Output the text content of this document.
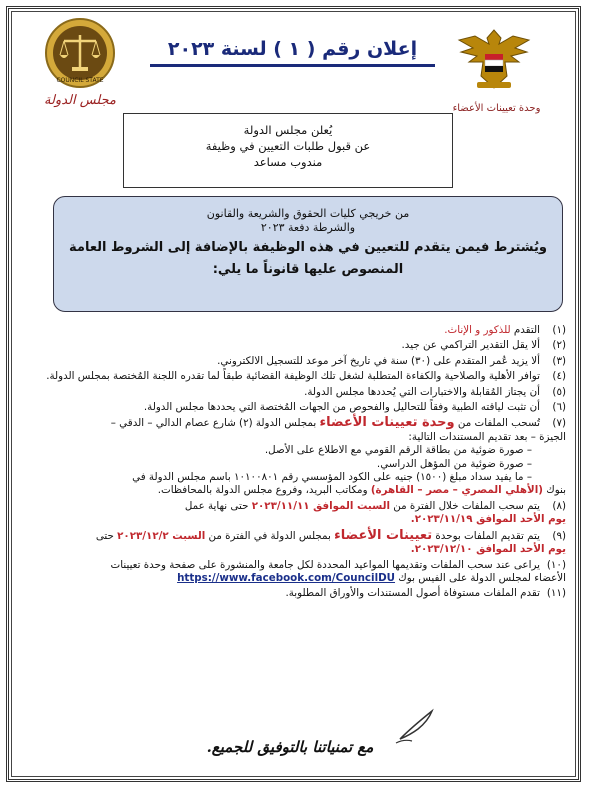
COUNCIL STATE
مجلس الدولة
وحدة تعيينات الأعضاء
إعلان رقم ( ١ ) لسنة ٢٠٢٣
يُعلن مجلس الدولة
عن قبول طلبات التعيين في وظيفة
مندوب مساعد
من خريجي كليات الحقوق والشريعة والقانون
والشرطة دفعة ٢٠٢٣
ويُشترط فيمن يتقدم للتعيين في هذه الوظيفة بالإضافة إلى الشروط العامة
المنصوص عليها قانوناً ما يلي:
(١)التقدم للذكور و الإناث.
(٢)ألا يقل التقدير التراكمي عن جيد.
(٣)ألا يزيد عُمر المتقدم على (٣٠) سنة في تاريخ آخر موعد للتسجيل الالكتروني.
(٤)توافر الأهلية والصلاحية والكفاءة المتطلبة لشغل تلك الوظيفة القضائية طبقاً لما تقدره اللجنة المُختصة بمجلس الدولة.
(٥)أن يجتاز المُقابلة والاختبارات التي يُحددها مجلس الدولة.
(٦)أن تثبت لياقته الطبية وفقاً للتحاليل والفحوص من الجهات المُختصة التي يحددها مجلس الدولة.
(٧)تُسحب الملفات من وحدة تعيينات الأعضاء بمجلس الدولة (٢) شارع عصام الدالي – الدقي –
الجيزة – بعد تقديم المستندات التالية:
– صورة ضوئية من بطاقة الرقم القومي مع الاطلاع على الأصل.
– صورة ضوئية من المؤهل الدراسي.
– ما يفيد سداد مبلغ (١٥٠٠) جنيه على الكود المؤسسي رقم ١٠١٠٠٨٠١ باسم مجلس الدولة في
بنوك (الأهلي المصري – مصر – القاهرة) ومكاتب البريد، وفروع مجلس الدولة بالمحافظات.
(٨)يتم سحب الملفات خلال الفترة من السبت الموافق ٢٠٢٣/١١/١١ حتى نهاية عمل
يوم الأحد الموافق ٢٠٢٣/١١/١٩.
(٩)يتم تقديم الملفات بوحدة تعيينات الأعضاء بمجلس الدولة في الفترة من السبت ٢٠٢٣/١٢/٢ حتى
يوم الأحد الموافق ٢٠٢٣/١٢/١٠.
(١٠)يراعى عند سحب الملفات وتقديمها المواعيد المحددة لكل جامعة والمنشورة على صفحة وحدة تعيينات
الأعضاء لمجلس الدولة على الفيس بوك https://www.facebook.com/CouncilDU
(١١)تقدم الملفات مستوفاة أصول المستندات والأوراق المطلوبة.
مع تمنياتنا بالتوفيق للجميع.
